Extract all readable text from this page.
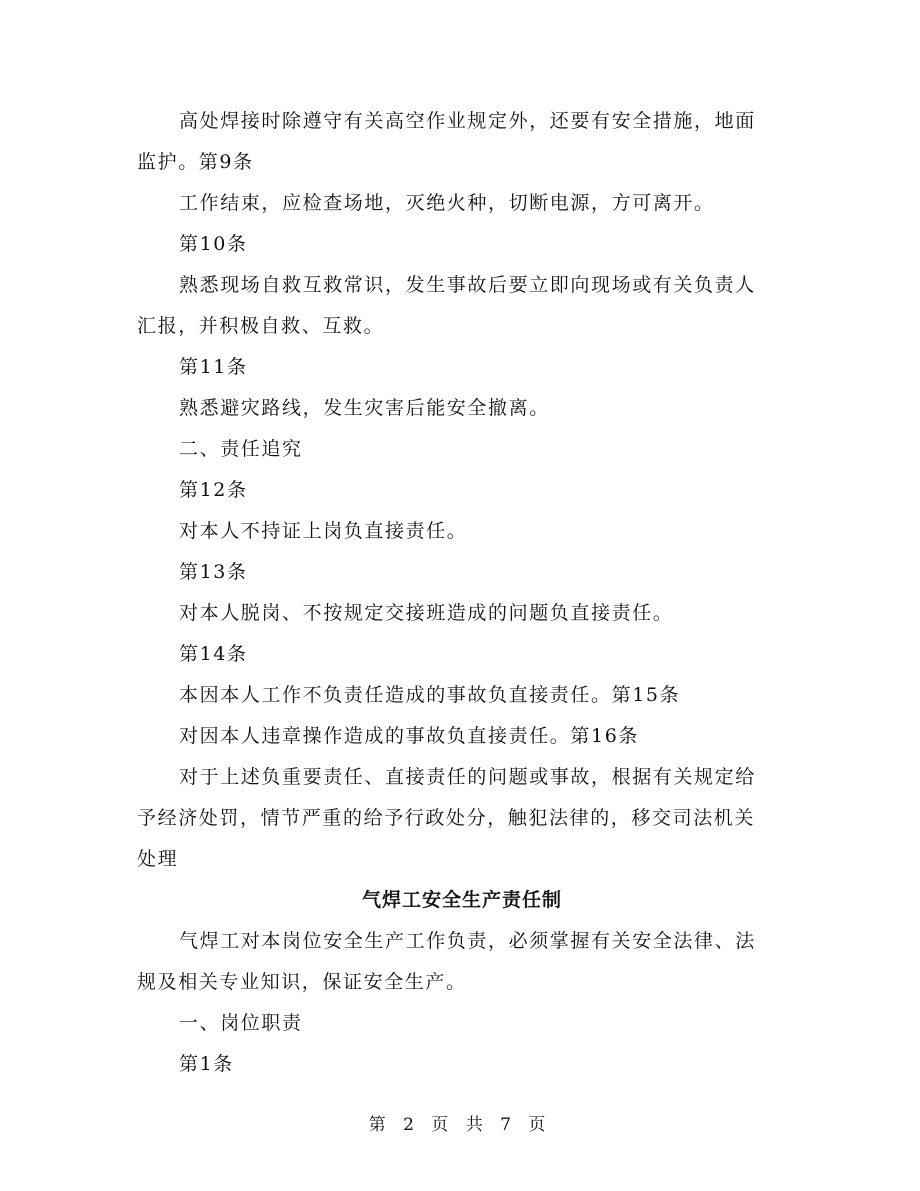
高处焊接时除遵守有关高空作业规定外，还要有安全措施，地面
监护。第9条
工作结束，应检查场地，灭绝火种，切断电源，方可离开。
第10条
熟悉现场自救互救常识，发生事故后要立即向现场或有关负责人
汇报，并积极自救、互救。
第11条
熟悉避灾路线，发生灾害后能安全撤离。
二、责任追究
第12条
对本人不持证上岗负直接责任。
第13条
对本人脱岗、不按规定交接班造成的问题负直接责任。
第14条
本因本人工作不负责任造成的事故负直接责任。第15条
对因本人违章操作造成的事故负直接责任。第16条
对于上述负重要责任、直接责任的问题或事故，根据有关规定给
予经济处罚，情节严重的给予行政处分，触犯法律的，移交司法机关
处理
气焊工安全生产责任制
气焊工对本岗位安全生产工作负责，必须掌握有关安全法律、法
规及相关专业知识，保证安全生产。
一、岗位职责
第1条
第 2 页 共 7 页
